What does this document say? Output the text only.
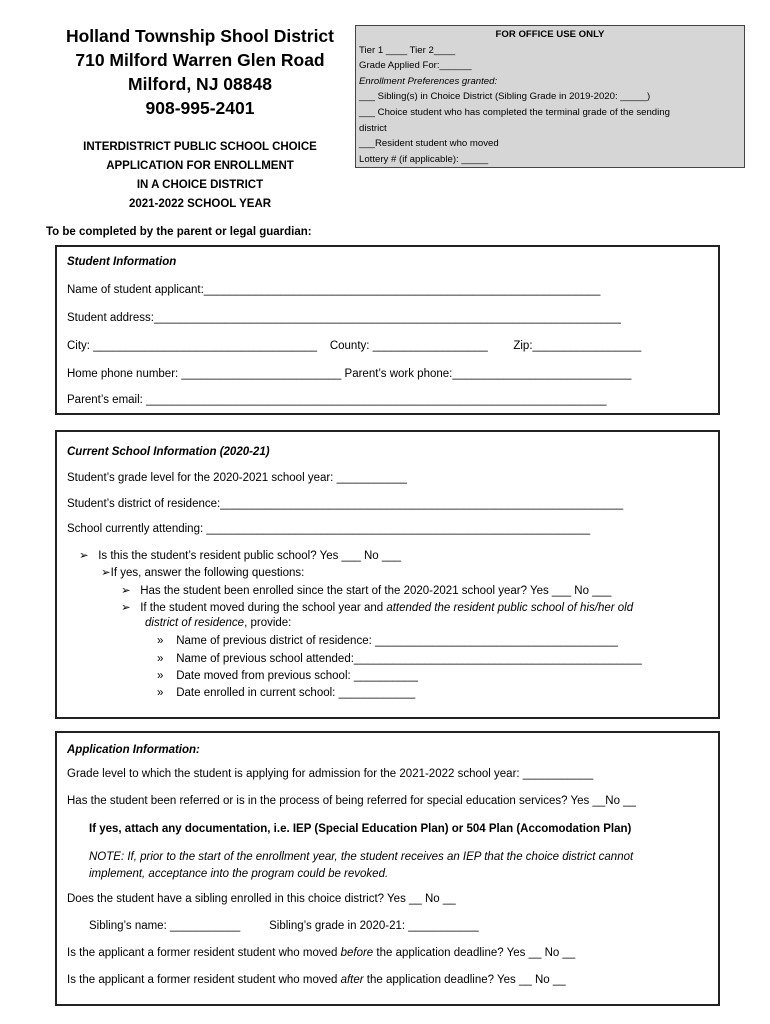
Holland Township Shool District
710 Milford Warren Glen Road
Milford, NJ 08848
908-995-2401
INTERDISTRICT PUBLIC SCHOOL CHOICE
APPLICATION FOR ENROLLMENT
IN A CHOICE DISTRICT
2021-2022 SCHOOL YEAR
FOR OFFICE USE ONLY
Tier 1 ____ Tier 2____
Grade Applied For:______
Enrollment Preferences granted:
___ Sibling(s) in Choice District (Sibling Grade in 2019-2020: _____)
___ Choice student who has completed the terminal grade of the sending
district
___Resident student who moved
Lottery # (if applicable): _____
To be completed by the parent or legal guardian:
Student Information
Name of student applicant:______________________________________________________________
Student address:_________________________________________________________________________
City: ___________________________________ County: __________________ Zip:_________________
Home phone number: _________________________ Parent’s work phone:____________________________
Parent’s email: ________________________________________________________________________
Current School Information (2020-21)
Student’s grade level for the 2020-2021 school year: ___________
Student’s district of residence:_______________________________________________________________
School currently attending: ____________________________________________________________
➢ Is this the student’s resident public school? Yes ___ No ___
➢If yes, answer the following questions:
➢ Has the student been enrolled since the start of the 2020-2021 school year? Yes ___ No ___
➢ If the student moved during the school year and attended the resident public school of his/her old
district of residence, provide:
» Name of previous district of residence: ______________________________________
» Name of previous school attended:_____________________________________________
» Date moved from previous school: __________
» Date enrolled in current school: ____________
Application Information:
Grade level to which the student is applying for admission for the 2021-2022 school year: ___________
Has the student been referred or is in the process of being referred for special education services? Yes __No __
If yes, attach any documentation, i.e. IEP (Special Education Plan) or 504 Plan (Accomodation Plan)
NOTE: If, prior to the start of the enrollment year, the student receives an IEP that the choice district cannot
implement, acceptance into the program could be revoked.
Does the student have a sibling enrolled in this choice district? Yes __ No __
Sibling’s name: ___________	Sibling’s grade in 2020-21: ___________
Is the applicant a former resident student who moved before the application deadline? Yes __ No __
Is the applicant a former resident student who moved after the application deadline? Yes __ No __
